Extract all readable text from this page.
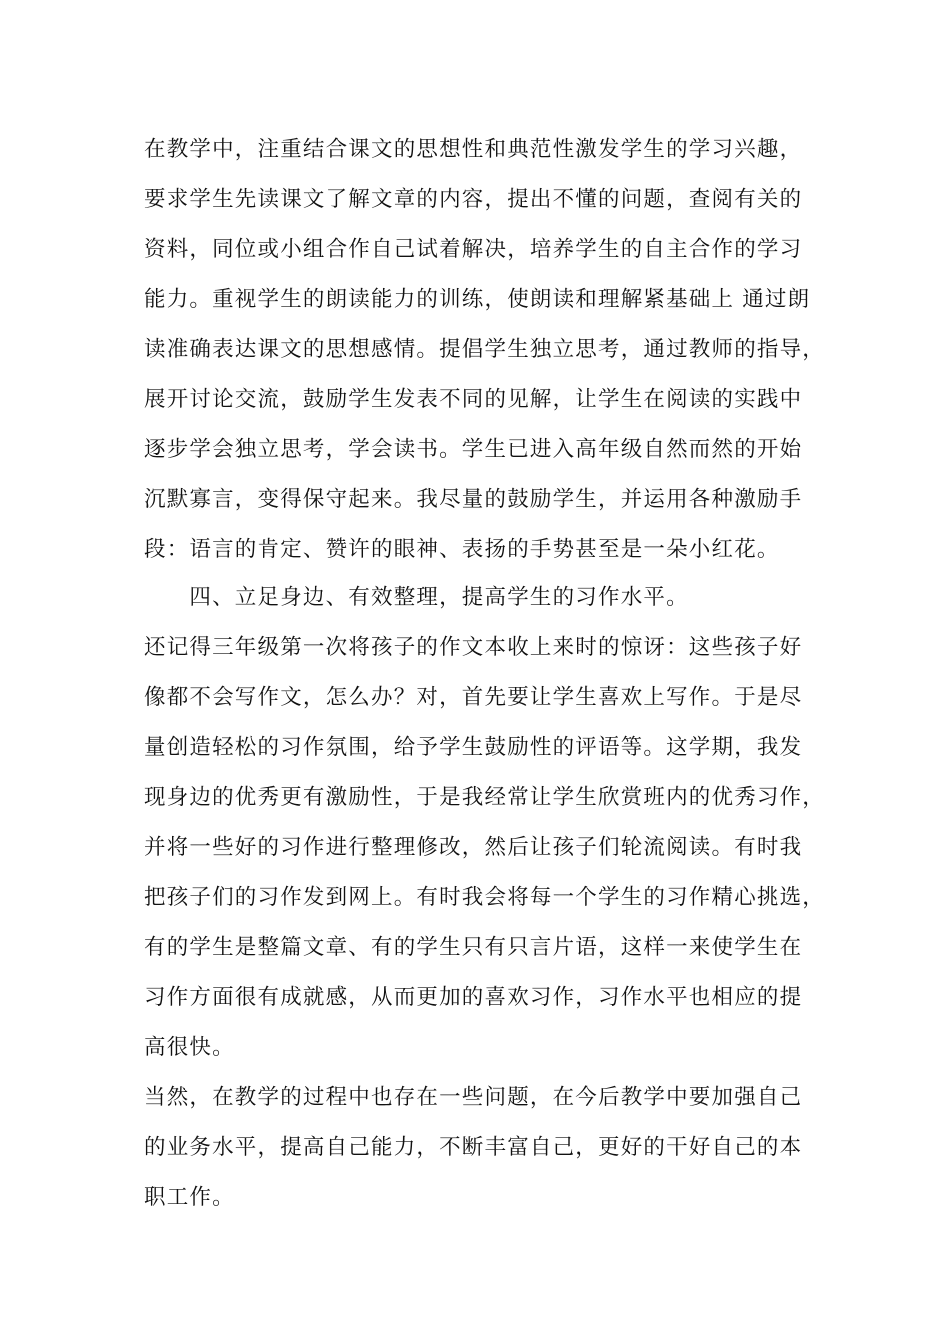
在教学中，注重结合课文的思想性和典范性激发学生的学习兴趣，
要求学生先读课文了解文章的内容，提出不懂的问题，查阅有关的
资料，同位或小组合作自己试着解决，培养学生的自主合作的学习
能力。重视学生的朗读能力的训练，使朗读和理解紧基础上 通过朗
读准确表达课文的思想感情。提倡学生独立思考，通过教师的指导，
展开讨论交流，鼓励学生发表不同的见解，让学生在阅读的实践中
逐步学会独立思考，学会读书。学生已进入高年级自然而然的开始
沉默寡言，变得保守起来。我尽量的鼓励学生，并运用各种激励手
段：语言的肯定、赞许的眼神、表扬的手势甚至是一朵小红花。
　　四、立足身边、有效整理，提高学生的习作水平。
还记得三年级第一次将孩子的作文本收上来时的惊讶：这些孩子好
像都不会写作文，怎么办？对，首先要让学生喜欢上写作。于是尽
量创造轻松的习作氛围，给予学生鼓励性的评语等。这学期，我发
现身边的优秀更有激励性，于是我经常让学生欣赏班内的优秀习作，
并将一些好的习作进行整理修改，然后让孩子们轮流阅读。有时我
把孩子们的习作发到网上。有时我会将每一个学生的习作精心挑选，
有的学生是整篇文章、有的学生只有只言片语，这样一来使学生在
习作方面很有成就感，从而更加的喜欢习作，习作水平也相应的提
高很快。
当然，在教学的过程中也存在一些问题，在今后教学中要加强自己
的业务水平，提高自己能力，不断丰富自己，更好的干好自己的本
职工作。
